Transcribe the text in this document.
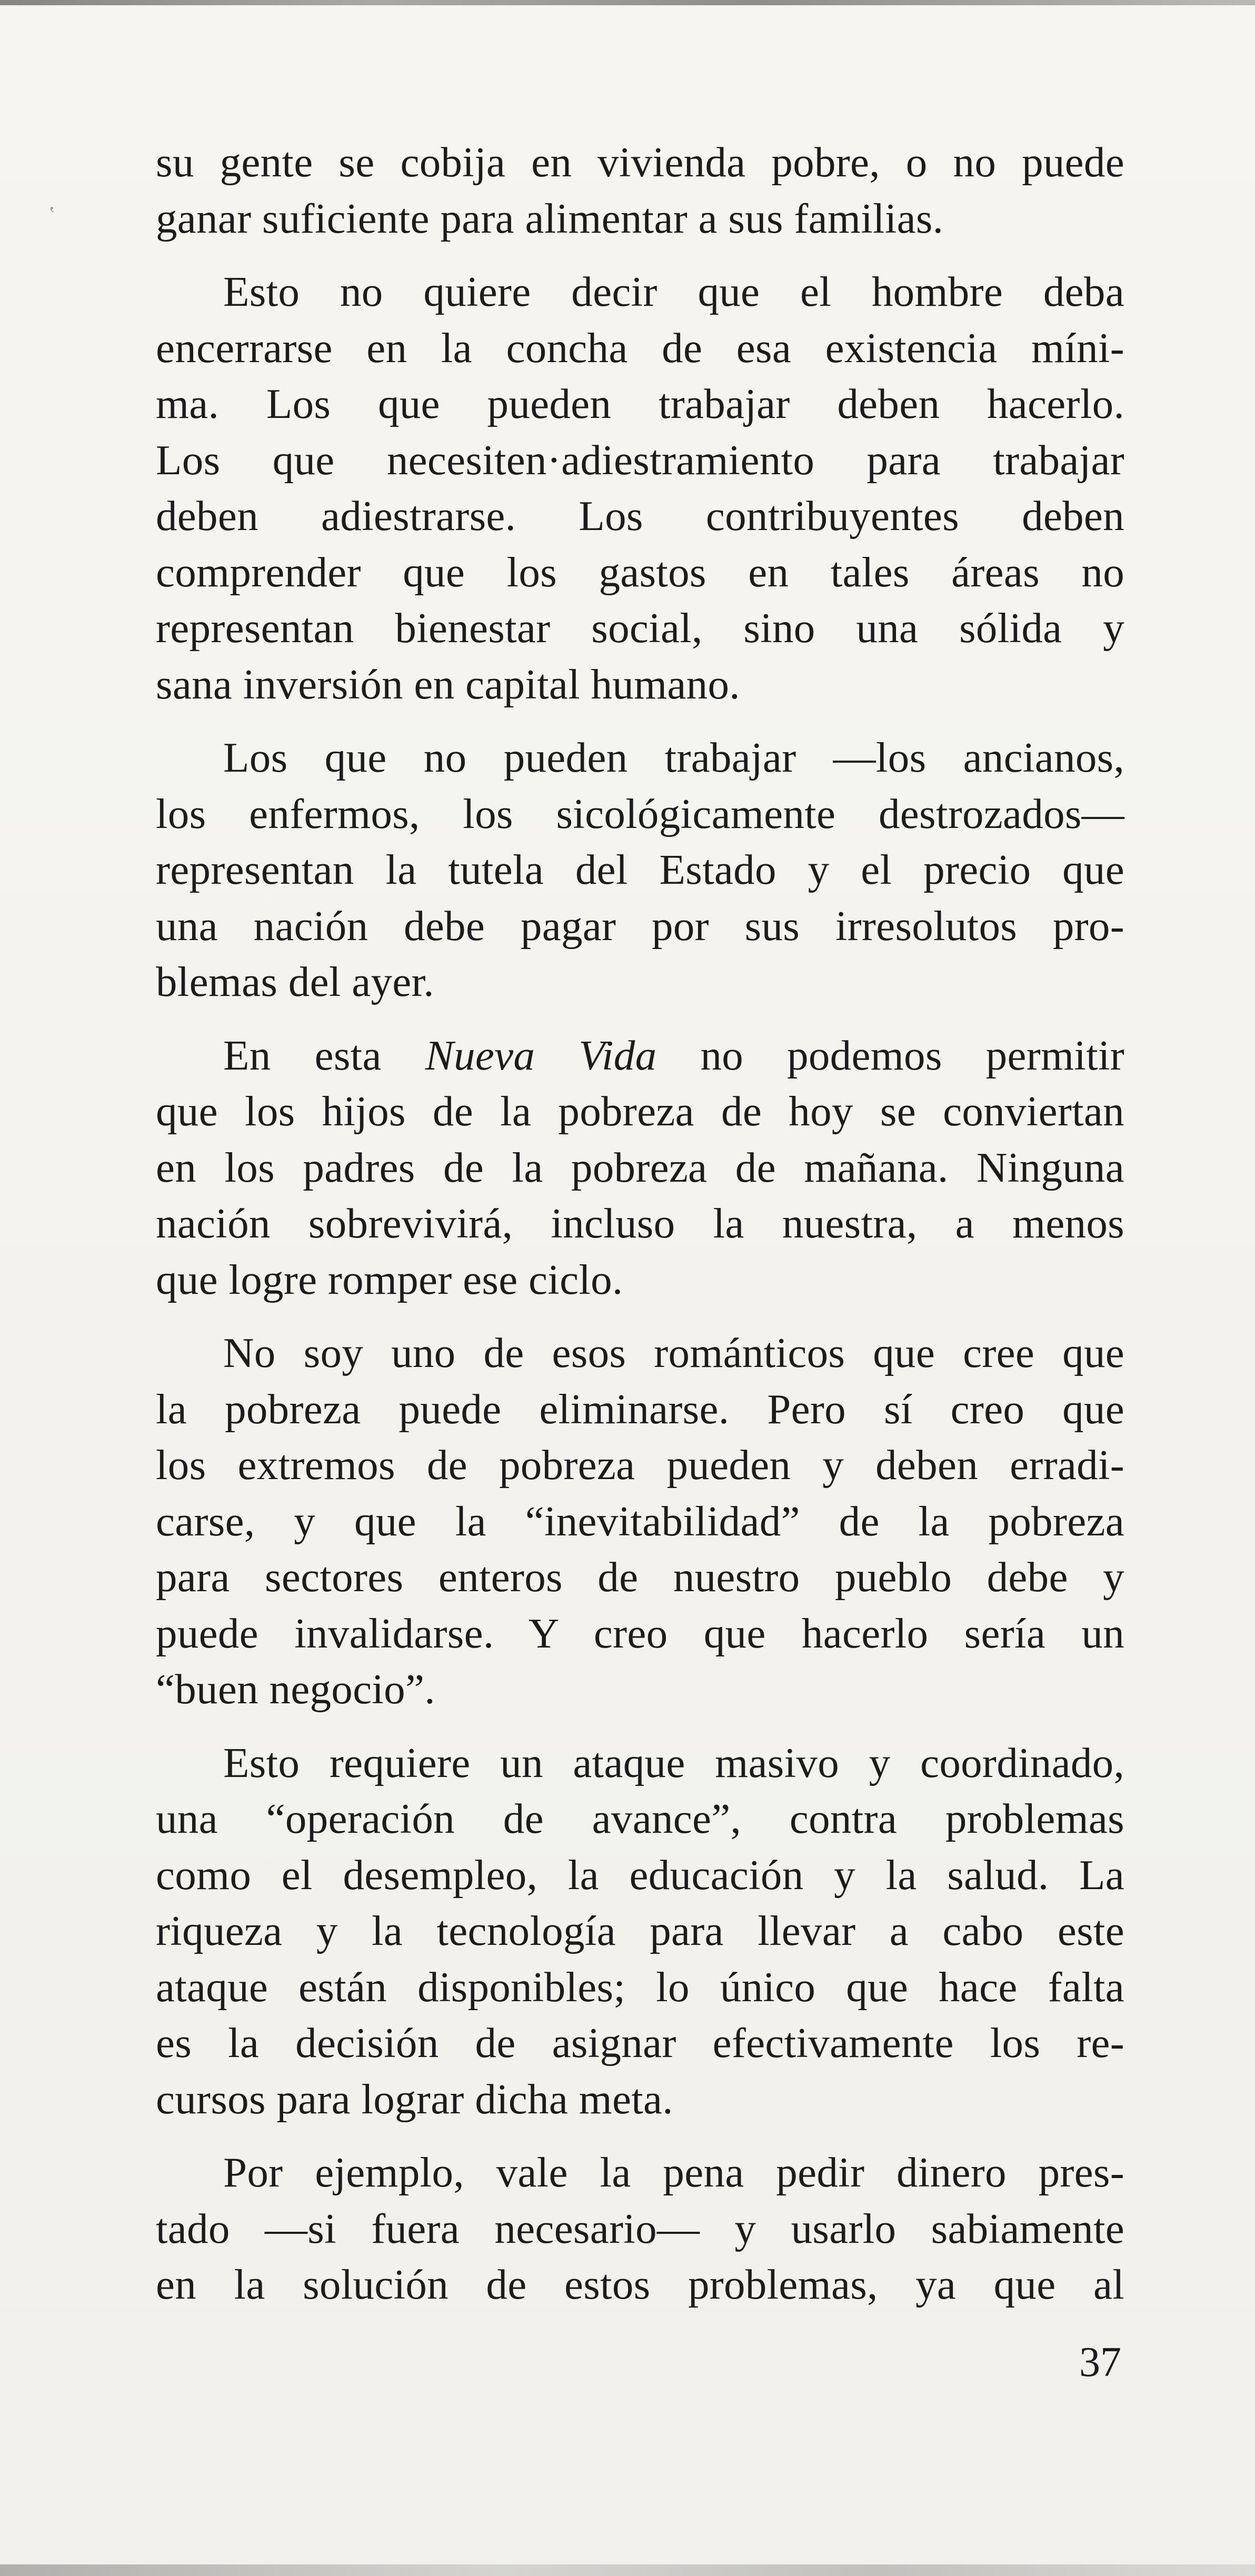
ʽ
su gente se cobija en vivienda pobre, o no puede
ganar suficiente para alimentar a sus familias.
Esto no quiere decir que el hombre deba
encerrarse en la concha de esa existencia míni-
ma. Los que pueden trabajar deben hacerlo.
Los que necesiten·adiestramiento para trabajar
deben adiestrarse. Los contribuyentes deben
comprender que los gastos en tales áreas no
representan bienestar social, sino una sólida y
sana inversión en capital humano.
Los que no pueden trabajar —los ancianos,
los enfermos, los sicológicamente destrozados—
representan la tutela del Estado y el precio que
una nación debe pagar por sus irresolutos pro-
blemas del ayer.
En esta Nueva Vida no podemos permitir
que los hijos de la pobreza de hoy se conviertan
en los padres de la pobreza de mañana. Ninguna
nación sobrevivirá, incluso la nuestra, a menos
que logre romper ese ciclo.
No soy uno de esos románticos que cree que
la pobreza puede eliminarse. Pero sí creo que
los extremos de pobreza pueden y deben erradi-
carse, y que la “inevitabilidad” de la pobreza
para sectores enteros de nuestro pueblo debe y
puede invalidarse. Y creo que hacerlo sería un
“buen negocio”.
Esto requiere un ataque masivo y coordinado,
una “operación de avance”, contra problemas
como el desempleo, la educación y la salud. La
riqueza y la tecnología para llevar a cabo este
ataque están disponibles; lo único que hace falta
es la decisión de asignar efectivamente los re-
cursos para lograr dicha meta.
Por ejemplo, vale la pena pedir dinero pres-
tado —si fuera necesario— y usarlo sabiamente
en la solución de estos problemas, ya que al
37
